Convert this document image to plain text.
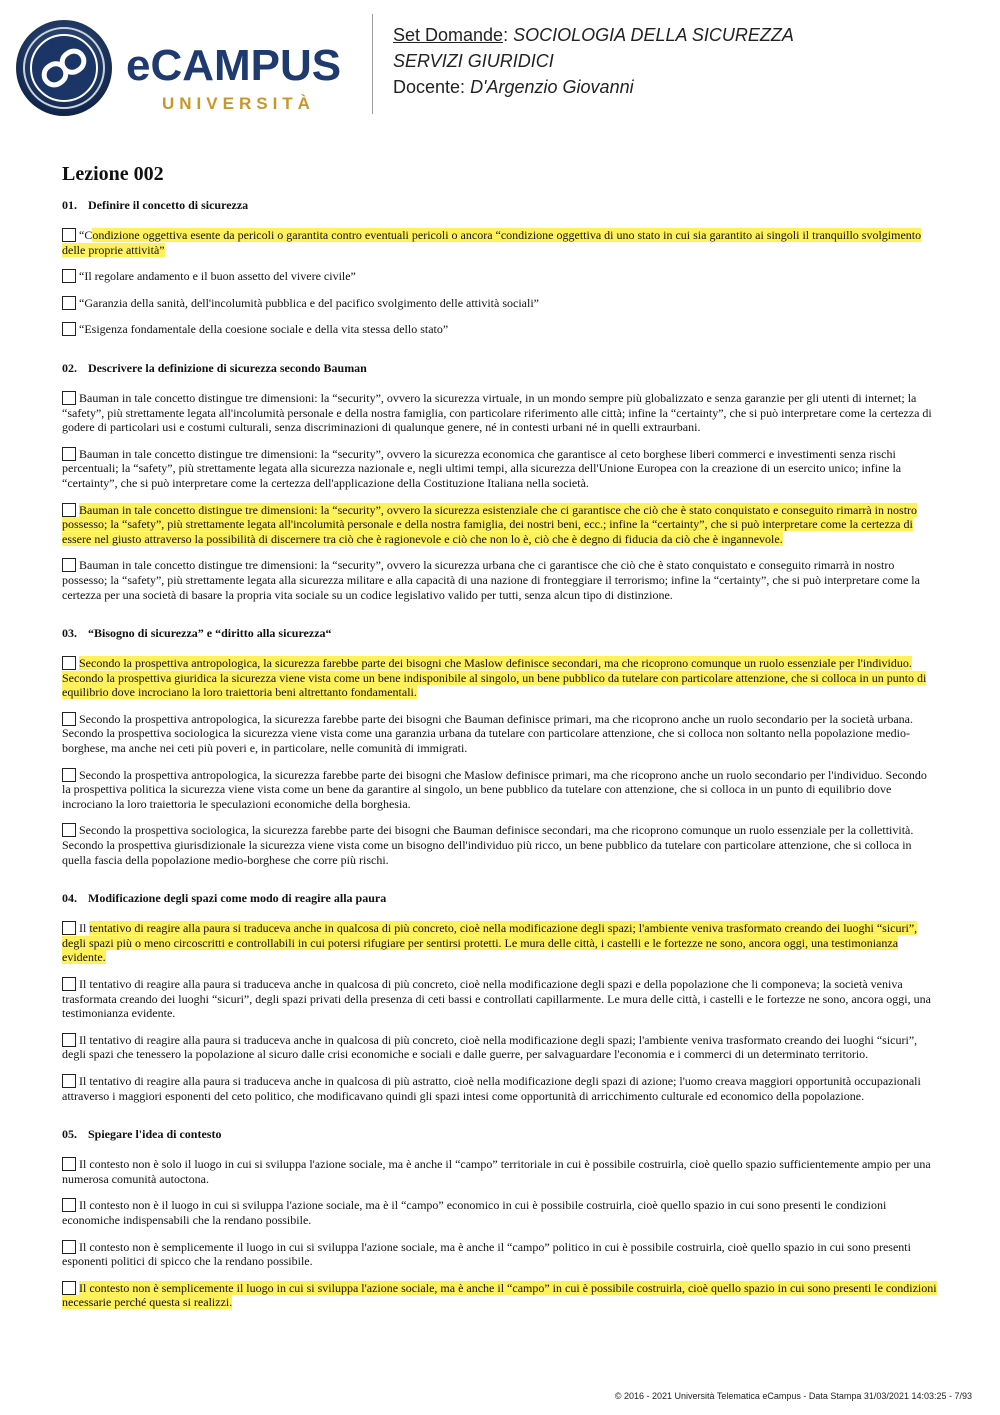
eCAMPUS
UNIVERSITÀ
Set Domande: SOCIOLOGIA DELLA SICUREZZA
SERVIZI GIURIDICI
Docente: D'Argenzio Giovanni
Lezione 002
01. Definire il concetto di sicurezza
“Condizione oggettiva esente da pericoli o garantita contro eventuali pericoli o ancora “condizione oggettiva di uno stato in cui sia garantito ai singoli il tranquillo svolgimento delle proprie attività”
“Il regolare andamento e il buon assetto del vivere civile”
“Garanzia della sanità, dell'incolumità pubblica e del pacifico svolgimento delle attività sociali”
“Esigenza fondamentale della coesione sociale e della vita stessa dello stato”
02. Descrivere la definizione di sicurezza secondo Bauman
Bauman in tale concetto distingue tre dimensioni: la “security”, ovvero la sicurezza virtuale, in un mondo sempre più globalizzato e senza garanzie per gli utenti di internet; la “safety”, più strettamente legata all'incolumità personale e della nostra famiglia, con particolare riferimento alle città; infine la “certainty”, che si può interpretare come la certezza di godere di particolari usi e costumi culturali, senza discriminazioni di qualunque genere, né in contesti urbani né in quelli extraurbani.
Bauman in tale concetto distingue tre dimensioni: la “security”, ovvero la sicurezza economica che garantisce al ceto borghese liberi commerci e investimenti senza rischi percentuali; la “safety”, più strettamente legata alla sicurezza nazionale e, negli ultimi tempi, alla sicurezza dell'Unione Europea con la creazione di un esercito unico; infine la “certainty”, che si può interpretare come la certezza dell'applicazione della Costituzione Italiana nella società.
Bauman in tale concetto distingue tre dimensioni: la “security”, ovvero la sicurezza esistenziale che ci garantisce che ciò che è stato conquistato e conseguito rimarrà in nostro possesso; la “safety”, più strettamente legata all'incolumità personale e della nostra famiglia, dei nostri beni, ecc.; infine la “certainty”, che si può interpretare come la certezza di essere nel giusto attraverso la possibilità di discernere tra ciò che è ragionevole e ciò che non lo è, ciò che è degno di fiducia da ciò che è ingannevole.
Bauman in tale concetto distingue tre dimensioni: la “security”, ovvero la sicurezza urbana che ci garantisce che ciò che è stato conquistato e conseguito rimarrà in nostro possesso; la “safety”, più strettamente legata alla sicurezza militare e alla capacità di una nazione di fronteggiare il terrorismo; infine la “certainty”, che si può interpretare come la certezza per una società di basare la propria vita sociale su un codice legislativo valido per tutti, senza alcun tipo di distinzione.
03. “Bisogno di sicurezza” e “diritto alla sicurezza“
Secondo la prospettiva antropologica, la sicurezza farebbe parte dei bisogni che Maslow definisce secondari, ma che ricoprono comunque un ruolo essenziale per l'individuo. Secondo la prospettiva giuridica la sicurezza viene vista come un bene indisponibile al singolo, un bene pubblico da tutelare con particolare attenzione, che si colloca in un punto di equilibrio dove incrociano la loro traiettoria beni altrettanto fondamentali.
Secondo la prospettiva antropologica, la sicurezza farebbe parte dei bisogni che Bauman definisce primari, ma che ricoprono anche un ruolo secondario per la società urbana. Secondo la prospettiva sociologica la sicurezza viene vista come una garanzia urbana da tutelare con particolare attenzione, che si colloca non soltanto nella popolazione medio-borghese, ma anche nei ceti più poveri e, in particolare, nelle comunità di immigrati.
Secondo la prospettiva antropologica, la sicurezza farebbe parte dei bisogni che Maslow definisce primari, ma che ricoprono anche un ruolo secondario per l'individuo. Secondo la prospettiva politica la sicurezza viene vista come un bene da garantire al singolo, un bene pubblico da tutelare con attenzione, che si colloca in un punto di equilibrio dove incrociano la loro traiettoria le speculazioni economiche della borghesia.
Secondo la prospettiva sociologica, la sicurezza farebbe parte dei bisogni che Bauman definisce secondari, ma che ricoprono comunque un ruolo essenziale per la collettività. Secondo la prospettiva giurisdizionale la sicurezza viene vista come un bisogno dell'individuo più ricco, un bene pubblico da tutelare con particolare attenzione, che si colloca in quella fascia della popolazione medio-borghese che corre più rischi.
04. Modificazione degli spazi come modo di reagire alla paura
Il tentativo di reagire alla paura si traduceva anche in qualcosa di più concreto, cioè nella modificazione degli spazi; l'ambiente veniva trasformato creando dei luoghi “sicuri”, degli spazi più o meno circoscritti e controllabili in cui potersi rifugiare per sentirsi protetti. Le mura delle città, i castelli e le fortezze ne sono, ancora oggi, una testimonianza evidente.
Il tentativo di reagire alla paura si traduceva anche in qualcosa di più concreto, cioè nella modificazione degli spazi e della popolazione che li componeva; la società veniva trasformata creando dei luoghi “sicuri”, degli spazi privati della presenza di ceti bassi e controllati capillarmente. Le mura delle città, i castelli e le fortezze ne sono, ancora oggi, una testimonianza evidente.
Il tentativo di reagire alla paura si traduceva anche in qualcosa di più concreto, cioè nella modificazione degli spazi; l'ambiente veniva trasformato creando dei luoghi “sicuri”, degli spazi che tenessero la popolazione al sicuro dalle crisi economiche e sociali e dalle guerre, per salvaguardare l'economia e i commerci di un determinato territorio.
Il tentativo di reagire alla paura si traduceva anche in qualcosa di più astratto, cioè nella modificazione degli spazi di azione; l'uomo creava maggiori opportunità occupazionali attraverso i maggiori esponenti del ceto politico, che modificavano quindi gli spazi intesi come opportunità di arricchimento culturale ed economico della popolazione.
05. Spiegare l'idea di contesto
Il contesto non è solo il luogo in cui si sviluppa l'azione sociale, ma è anche il “campo” territoriale in cui è possibile costruirla, cioè quello spazio sufficientemente ampio per una numerosa comunità autoctona.
Il contesto non è il luogo in cui si sviluppa l'azione sociale, ma è il “campo” economico in cui è possibile costruirla, cioè quello spazio in cui sono presenti le condizioni economiche indispensabili che la rendano possibile.
Il contesto non è semplicemente il luogo in cui si sviluppa l'azione sociale, ma è anche il “campo” politico in cui è possibile costruirla, cioè quello spazio in cui sono presenti esponenti politici di spicco che la rendano possibile.
Il contesto non è semplicemente il luogo in cui si sviluppa l'azione sociale, ma è anche il “campo” in cui è possibile costruirla, cioè quello spazio in cui sono presenti le condizioni necessarie perché questa si realizzi.
© 2016 - 2021 Università Telematica eCampus - Data Stampa 31/03/2021 14:03:25 - 7/93
